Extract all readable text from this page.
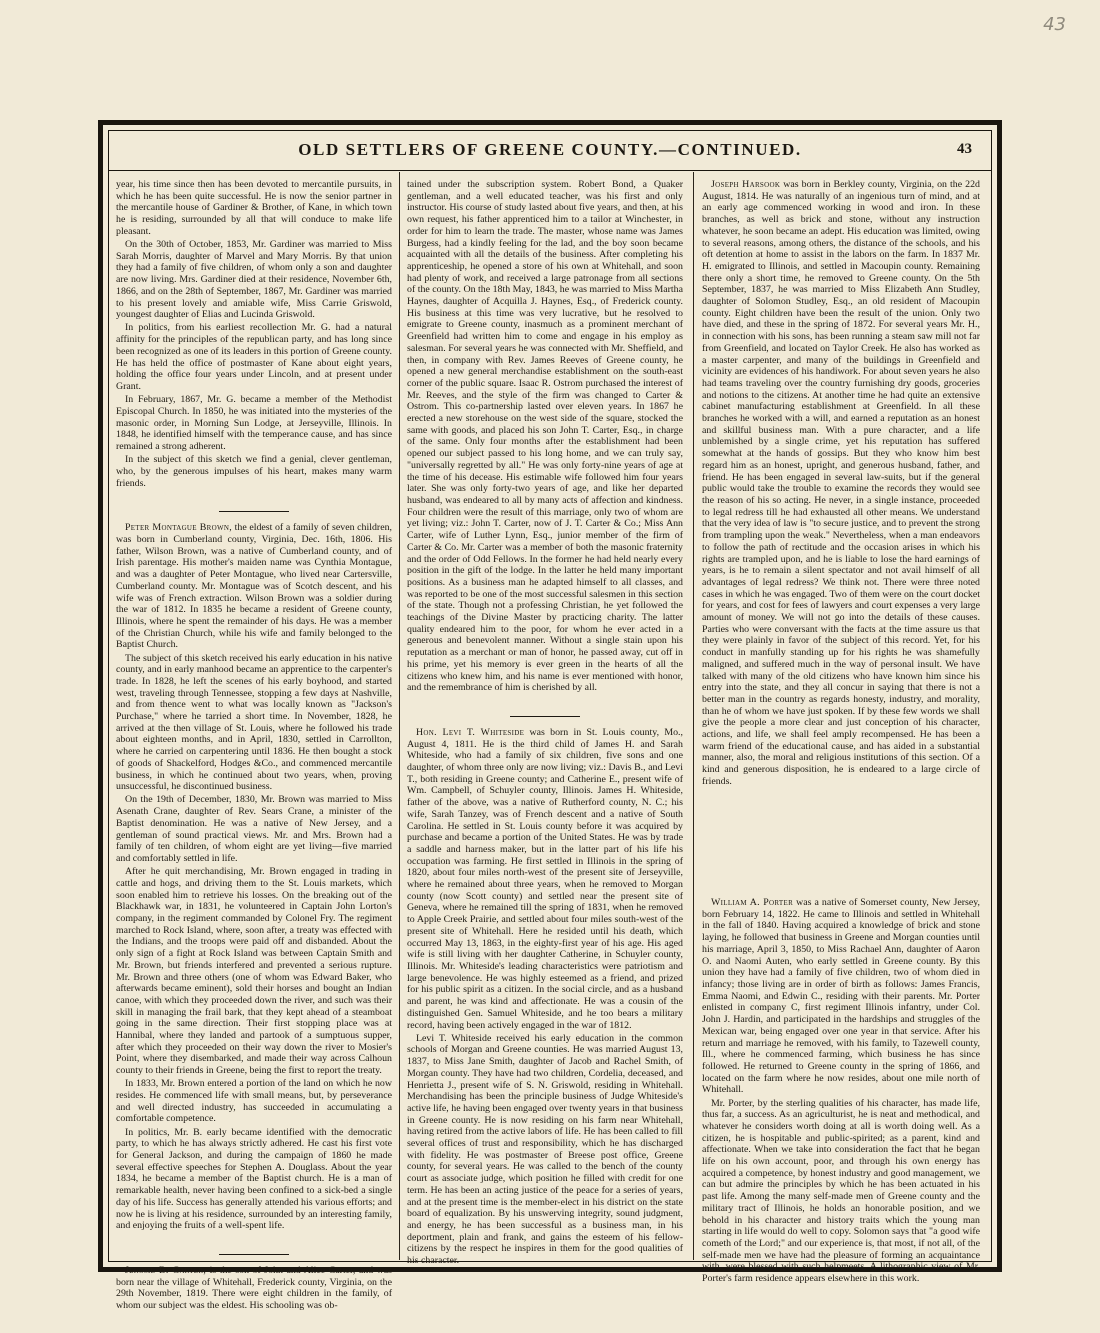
43
OLD SETTLERS OF GREENE COUNTY.—CONTINUED.	43

year, his time since then has been devoted to mercantile pursuits, in which he has been quite successful. He is now the senior partner in the mercantile house of Gardiner & Brother, of Kane, in which town he is residing, surrounded by all that will conduce to make life pleasant.

On the 30th of October, 1853, Mr. Gardiner was married to Miss Sarah Morris, daughter of Marvel and Mary Morris. By that union they had a family of five children, of whom only a son and daughter are now living. Mrs. Gardiner died at their residence, November 6th, 1866, and on the 28th of September, 1867, Mr. Gardiner was married to his present lovely and amiable wife, Miss Carrie Griswold, youngest daughter of Elias and Lucinda Griswold.

In politics, from his earliest recollection Mr. G. had a natural affinity for the principles of the republican party, and has long since been recognized as one of its leaders in this portion of Greene county. He has held the office of postmaster of Kane about eight years, holding the office four years under Lincoln, and at present under Grant.

In February, 1867, Mr. G. became a member of the Methodist Episcopal Church. In 1850, he was initiated into the mysteries of the masonic order, in Morning Sun Lodge, at Jerseyville, Illinois. In 1848, he identified himself with the temperance cause, and has since remained a strong adherent.

In the subject of this sketch we find a genial, clever gentleman, who, by the generous impulses of his heart, makes many warm friends.

Peter Montague Brown, the eldest of a family of seven children, was born in Cumberland county, Virginia, Dec. 16th, 1806. His father, Wilson Brown, was a native of Cumberland county, and of Irish parentage. His mother's maiden name was Cynthia Montague, and was a daughter of Peter Montague, who lived near Cartersville, Cumberland county. Mr. Montague was of Scotch descent, and his wife was of French extraction. Wilson Brown was a soldier during the war of 1812. In 1835 he became a resident of Greene county, Illinois, where he spent the remainder of his days. He was a member of the Christian Church, while his wife and family belonged to the Baptist Church.

The subject of this sketch received his early education in his native county, and in early manhood became an apprentice to the carpenter's trade. In 1828, he left the scenes of his early boyhood, and started west, traveling through Tennessee, stopping a few days at Nashville, and from thence went to what was locally known as "Jackson's Purchase," where he tarried a short time. In November, 1828, he arrived at the then village of St. Louis, where he followed his trade about eighteen months, and in April, 1830, settled in Carrollton, where he carried on carpentering until 1836. He then bought a stock of goods of Shackelford, Hodges &Co., and commenced mercantile business, in which he continued about two years, when, proving unsuccessful, he discontinued business.

On the 19th of December, 1830, Mr. Brown was married to Miss Asenath Crane, daughter of Rev. Sears Crane, a minister of the Baptist denomination. He was a native of New Jersey, and a gentleman of sound practical views. Mr. and Mrs. Brown had a family of ten children, of whom eight are yet living—five married and comfortably settled in life.

After he quit merchandising, Mr. Brown engaged in trading in cattle and hogs, and driving them to the St. Louis markets, which soon enabled him to retrieve his losses. On the breaking out of the Blackhawk war, in 1831, he volunteered in Captain John Lorton's company, in the regiment commanded by Colonel Fry. The regiment marched to Rock Island, where, soon after, a treaty was effected with the Indians, and the troops were paid off and disbanded. About the only sign of a fight at Rock Island was between Captain Smith and Mr. Brown, but friends interfered and prevented a serious rupture. Mr. Brown and three others (one of whom was Edward Baker, who afterwards became eminent), sold their horses and bought an Indian canoe, with which they proceeded down the river, and such was their skill in managing the frail bark, that they kept ahead of a steamboat going in the same direction. Their first stopping place was at Hannibal, where they landed and partook of a sumptuous supper, after which they proceeded on their way down the river to Mosier's Point, where they disembarked, and made their way across Calhoun county to their friends in Greene, being the first to report the treaty.

In 1833, Mr. Brown entered a portion of the land on which he now resides. He commenced life with small means, but, by perseverance and well directed industry, has succeeded in accumulating a comfortable competence.

In politics, Mr. B. early became identified with the democratic party, to which he has always strictly adhered. He cast his first vote for General Jackson, and during the campaign of 1860 he made several effective speeches for Stephen A. Douglass. About the year 1834, he became a member of the Baptist church. He is a man of remarkable health, never having been confined to a sick-bed a single day of his life. Success has generally attended his various efforts; and now he is living at his residence, surrounded by an interesting family, and enjoying the fruits of a well-spent life.

Jerome B. Carter, is the son of John and Alice Carter, and was born near the village of Whitehall, Frederick county, Virginia, on the 29th November, 1819. There were eight children in the family, of whom our subject was the eldest. His schooling was ob-

tained under the subscription system. Robert Bond, a Quaker gentleman, and a well educated teacher, was his first and only instructor. His course of study lasted about five years, and then, at his own request, his father apprenticed him to a tailor at Winchester, in order for him to learn the trade. The master, whose name was James Burgess, had a kindly feeling for the lad, and the boy soon became acquainted with all the details of the business. After completing his apprenticeship, he opened a store of his own at Whitehall, and soon had plenty of work, and received a large patronage from all sections of the county. On the 18th May, 1843, he was married to Miss Martha Haynes, daughter of Acquilla J. Haynes, Esq., of Frederick county. His business at this time was very lucrative, but he resolved to emigrate to Greene county, inasmuch as a prominent merchant of Greenfield had written him to come and engage in his employ as salesman. For several years he was connected with Mr. Sheffield, and then, in company with Rev. James Reeves of Greene county, he opened a new general merchandise establishment on the south-east corner of the public square. Isaac R. Ostrom purchased the interest of Mr. Reeves, and the style of the firm was changed to Carter & Ostrom. This co-partnership lasted over eleven years. In 1867 he erected a new storehouse on the west side of the square, stocked the same with goods, and placed his son John T. Carter, Esq., in charge of the same. Only four months after the establishment had been opened our subject passed to his long home, and we can truly say, "universally regretted by all." He was only forty-nine years of age at the time of his decease. His estimable wife followed him four years later. She was only forty-two years of age, and like her departed husband, was endeared to all by many acts of affection and kindness. Four children were the result of this marriage, only two of whom are yet living; viz.: John T. Carter, now of J. T. Carter & Co.; Miss Ann Carter, wife of Luther Lynn, Esq., junior member of the firm of Carter & Co. Mr. Carter was a member of both the masonic fraternity and the order of Odd Fellows. In the former he had held nearly every position in the gift of the lodge. In the latter he held many important positions. As a business man he adapted himself to all classes, and was reported to be one of the most successful salesmen in this section of the state. Though not a professing Christian, he yet followed the teachings of the Divine Master by practicing charity. The latter quality endeared him to the poor, for whom he ever acted in a generous and benevolent manner. Without a single stain upon his reputation as a merchant or man of honor, he passed away, cut off in his prime, yet his memory is ever green in the hearts of all the citizens who knew him, and his name is ever mentioned with honor, and the remembrance of him is cherished by all.

Hon. Levi T. Whiteside was born in St. Louis county, Mo., August 4, 1811. He is the third child of James H. and Sarah Whiteside, who had a family of six children, five sons and one daughter, of whom three only are now living; viz.: Davis B., and Levi T., both residing in Greene county; and Catherine E., present wife of Wm. Campbell, of Schuyler county, Illinois. James H. Whiteside, father of the above, was a native of Rutherford county, N. C.; his wife, Sarah Tanzey, was of French descent and a native of South Carolina. He settled in St. Louis county before it was acquired by purchase and became a portion of the United States. He was by trade a saddle and harness maker, but in the latter part of his life his occupation was farming. He first settled in Illinois in the spring of 1820, about four miles north-west of the present site of Jerseyville, where he remained about three years, when he removed to Morgan county (now Scott county) and settled near the present site of Geneva, where he remained till the spring of 1831, when he removed to Apple Creek Prairie, and settled about four miles south-west of the present site of Whitehall. Here he resided until his death, which occurred May 13, 1863, in the eighty-first year of his age. His aged wife is still living with her daughter Catherine, in Schuyler county, Illinois. Mr. Whiteside's leading characteristics were patriotism and large benevolence. He was highly esteemed as a friend, and prized for his public spirit as a citizen. In the social circle, and as a husband and parent, he was kind and affectionate. He was a cousin of the distinguished Gen. Samuel Whiteside, and he too bears a military record, having been actively engaged in the war of 1812.

Levi T. Whiteside received his early education in the common schools of Morgan and Greene counties. He was married August 13, 1837, to Miss Jane Smith, daughter of Jacob and Rachel Smith, of Morgan county. They have had two children, Cordelia, deceased, and Henrietta J., present wife of S. N. Griswold, residing in Whitehall. Merchandising has been the principle business of Judge Whiteside's active life, he having been engaged over twenty years in that business in Greene county. He is now residing on his farm near Whitehall, having retired from the active labors of life. He has been called to fill several offices of trust and responsibility, which he has discharged with fidelity. He was postmaster of Breese post office, Greene county, for several years. He was called to the bench of the county court as associate judge, which position he filled with credit for one term. He has been an acting justice of the peace for a series of years, and at the present time is the member-elect in his district on the state board of equalization. By his unswerving integrity, sound judgment, and energy, he has been successful as a business man, in his deportment, plain and frank, and gains the esteem of his fellow-citizens by the respect he inspires in them for the good qualities of his character.

Joseph Harsook was born in Berkley county, Virginia, on the 22d August, 1814. He was naturally of an ingenious turn of mind, and at an early age commenced working in wood and iron. In these branches, as well as brick and stone, without any instruction whatever, he soon became an adept. His education was limited, owing to several reasons, among others, the distance of the schools, and his oft detention at home to assist in the labors on the farm. In 1837 Mr. H. emigrated to Illinois, and settled in Macoupin county. Remaining there only a short time, he removed to Greene county. On the 5th September, 1837, he was married to Miss Elizabeth Ann Studley, daughter of Solomon Studley, Esq., an old resident of Macoupin county. Eight children have been the result of the union. Only two have died, and these in the spring of 1872. For several years Mr. H., in connection with his sons, has been running a steam saw mill not far from Greenfield, and located on Taylor Creek. He also has worked as a master carpenter, and many of the buildings in Greenfield and vicinity are evidences of his handiwork. For about seven years he also had teams traveling over the country furnishing dry goods, groceries and notions to the citizens. At another time he had quite an extensive cabinet manufacturing establishment at Greenfield. In all these branches he worked with a will, and earned a reputation as an honest and skillful business man. With a pure character, and a life unblemished by a single crime, yet his reputation has suffered somewhat at the hands of gossips. But they who know him best regard him as an honest, upright, and generous husband, father, and friend. He has been engaged in several law-suits, but if the general public would take the trouble to examine the records they would see the reason of his so acting. He never, in a single instance, proceeded to legal redress till he had exhausted all other means. We understand that the very idea of law is "to secure justice, and to prevent the strong from trampling upon the weak." Nevertheless, when a man endeavors to follow the path of rectitude and the occasion arises in which his rights are trampled upon, and he is liable to lose the hard earnings of years, is he to remain a silent spectator and not avail himself of all advantages of legal redress? We think not. There were three noted cases in which he was engaged. Two of them were on the court docket for years, and cost for fees of lawyers and court expenses a very large amount of money. We will not go into the details of these causes. Parties who were conversant with the facts at the time assure us that they were plainly in favor of the subject of this record. Yet, for his conduct in manfully standing up for his rights he was shamefully maligned, and suffered much in the way of personal insult. We have talked with many of the old citizens who have known him since his entry into the state, and they all concur in saying that there is not a better man in the country as regards honesty, industry, and morality, than he of whom we have just spoken. If by these few words we shall give the people a more clear and just conception of his character, actions, and life, we shall feel amply recompensed. He has been a warm friend of the educational cause, and has aided in a substantial manner, also, the moral and religious institutions of this section. Of a kind and generous disposition, he is endeared to a large circle of friends.

William A. Porter was a native of Somerset county, New Jersey, born February 14, 1822. He came to Illinois and settled in Whitehall in the fall of 1840. Having acquired a knowledge of brick and stone laying, he followed that business in Greene and Morgan counties until his marriage, April 3, 1850, to Miss Rachael Ann, daughter of Aaron O. and Naomi Auten, who early settled in Greene county. By this union they have had a family of five children, two of whom died in infancy; those living are in order of birth as follows: James Francis, Emma Naomi, and Edwin C., residing with their parents. Mr. Porter enlisted in company C, first regiment Illinois infantry, under Col. John J. Hardin, and participated in the hardships and struggles of the Mexican war, being engaged over one year in that service. After his return and marriage he removed, with his family, to Tazewell county, Ill., where he commenced farming, which business he has since followed. He returned to Greene county in the spring of 1866, and located on the farm where he now resides, about one mile north of Whitehall.

Mr. Porter, by the sterling qualities of his character, has made life, thus far, a success. As an agriculturist, he is neat and methodical, and whatever he considers worth doing at all is worth doing well. As a citizen, he is hospitable and public-spirited; as a parent, kind and affectionate. When we take into consideration the fact that he began life on his own account, poor, and through his own energy has acquired a competence, by honest industry and good management, we can but admire the principles by which he has been actuated in his past life. Among the many self-made men of Greene county and the military tract of Illinois, he holds an honorable position, and we behold in his character and history traits which the young man starting in life would do well to copy. Solomon says that "a good wife cometh of the Lord;" and our experience is, that most, if not all, of the self-made men we have had the pleasure of forming an acquaintance with, were blessed with such helpmeets. A lithographic view of Mr. Porter's farm residence appears elsewhere in this work.
